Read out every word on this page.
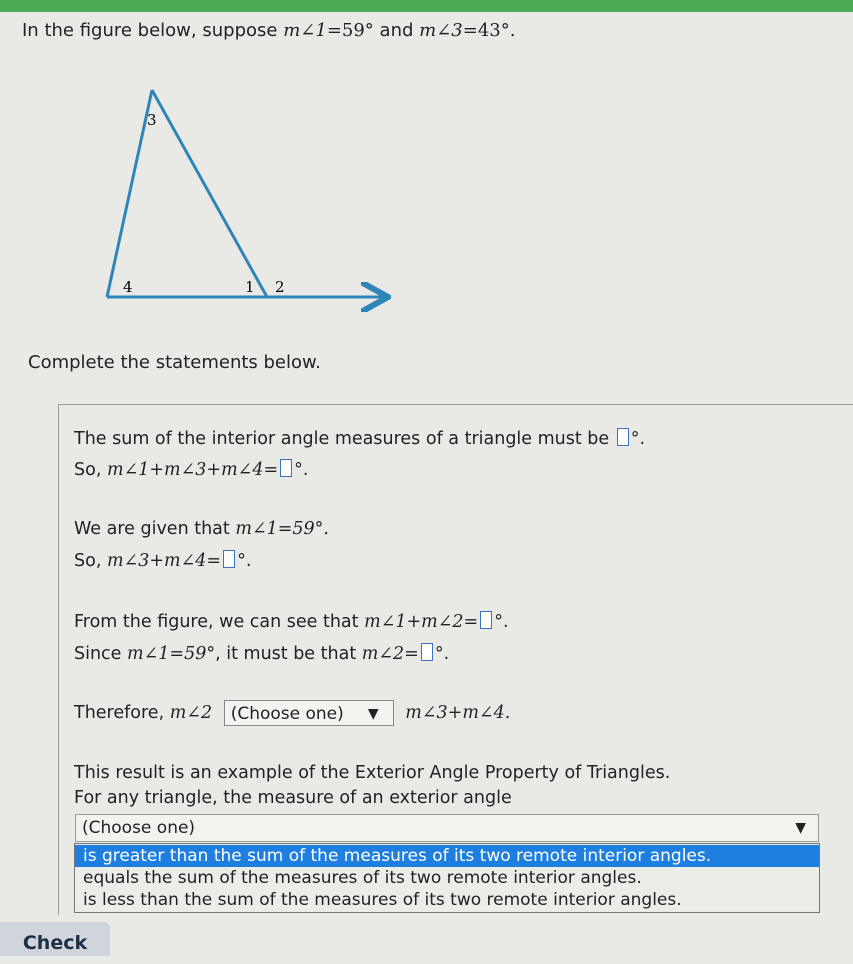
In the figure below, suppose m∠1=59° and m∠3=43°.
3
4	1 2
Complete the statements below.
The sum of the interior angle measures of a triangle must be °.
So, m∠1+m∠3+m∠4= °.
We are given that m∠1=59°.
So, m∠3+m∠4= °.
From the figure, we can see that m∠1+m∠2= °.
Since m∠1=59°, it must be that m∠2= °.
Therefore, m∠2 (Choose one) ▼ m∠3+m∠4.
This result is an example of the Exterior Angle Property of Triangles.
For any triangle, the measure of an exterior angle
(Choose one)	▼
is greater than the sum of the measures of its two remote interior angles.
equals the sum of the measures of its two remote interior angles.
is less than the sum of the measures of its two remote interior angles.
Check
